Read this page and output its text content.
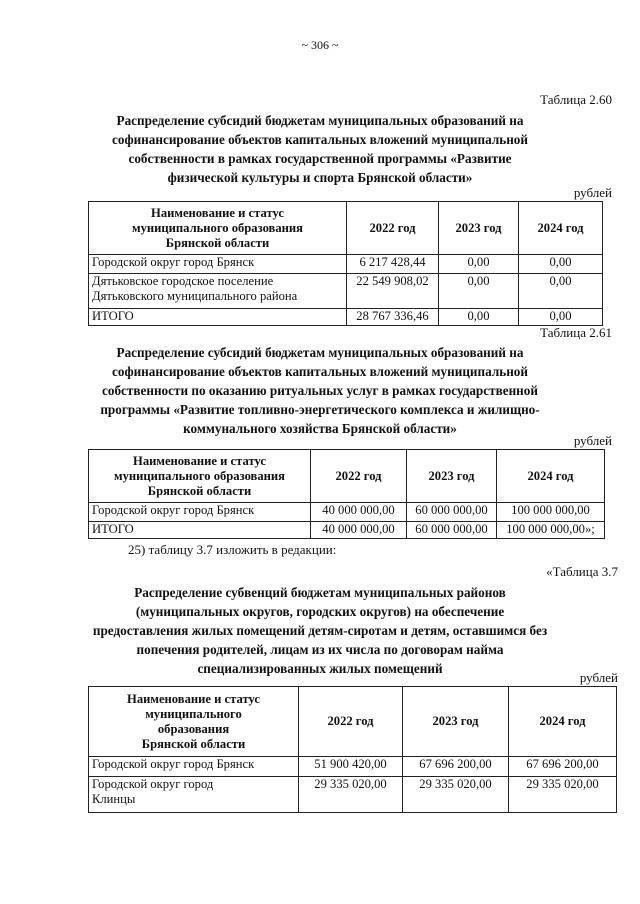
~ 306 ~
Таблица 2.60
Распределение субсидий бюджетам муниципальных образований на
софинансирование объектов капитальных вложений муниципальной
собственности в рамках государственной программы «Развитие
физической культуры и спорта Брянской области»
рублей
Наименование и статус
муниципального образования
Брянской области	2022 год	2023 год	2024 год
Городской округ город Брянск	6 217 428,44	0,00	0,00

Дятьковское городское поселение
Дятьковского муниципального района	22 549 908,02	0,00	0,00
ИТОГО	28 767 336,46	0,00	0,00
Таблица 2.61
Распределение субсидий бюджетам муниципальных образований на
софинансирование объектов капитальных вложений муниципальной
собственности по оказанию ритуальных услуг в рамках государственной
программы «Развитие топливно-энергетического комплекса и жилищно-
коммунального хозяйства Брянской области»
рублей
Наименование и статус
муниципального образования
Брянской области	2022 год	2023 год	2024 год
Городской округ город Брянск	40 000 000,00	60 000 000,00	100 000 000,00
ИТОГО	40 000 000,00	60 000 000,00	100 000 000,00»;
25) таблицу 3.7 изложить в редакции:
«Таблица 3.7
Распределение субвенций бюджетам муниципальных районов
(муниципальных округов, городских округов) на обеспечение
предоставления жилых помещений детям-сиротам и детям, оставшимся без
попечения родителей, лицам из их числа по договорам найма
специализированных жилых помещений
рублей
Наименование и статус
муниципального
образования
Брянской области	2022 год	2023 год	2024 год
Городской округ город Брянск	51 900 420,00	67 696 200,00	67 696 200,00

Городской округ город
Клинцы	29 335 020,00	29 335 020,00	29 335 020,00
